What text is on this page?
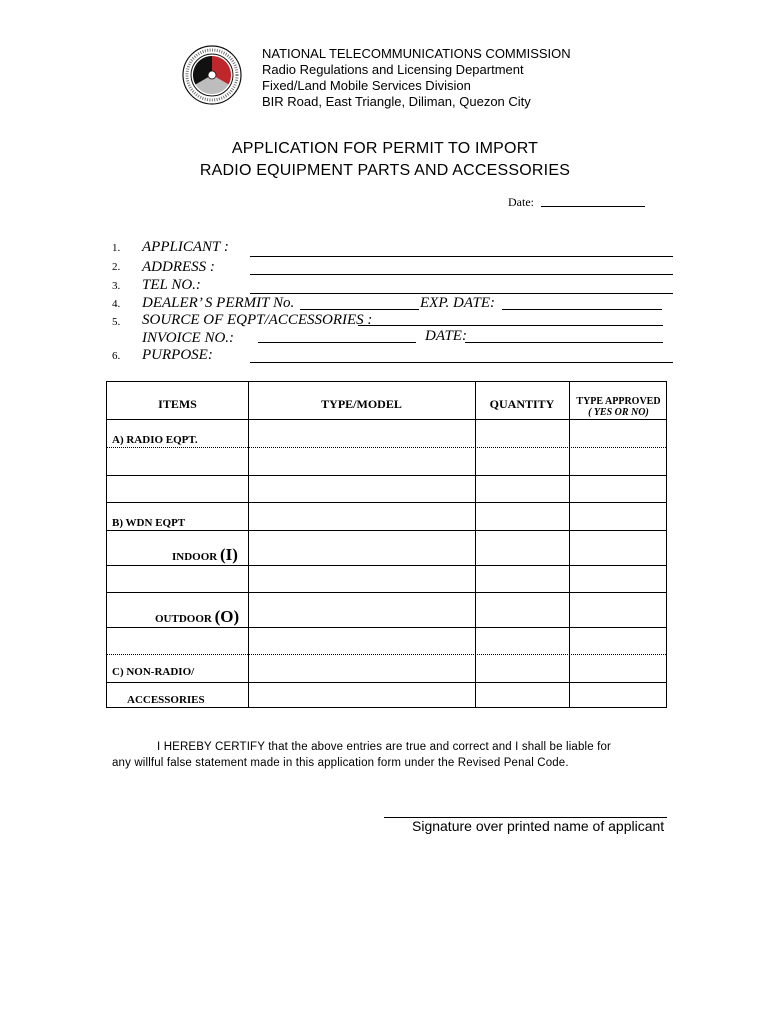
NATIONAL TELECOMMUNICATIONS COMMISSION
Radio Regulations and Licensing Department
Fixed/Land Mobile Services Division
BIR Road, East Triangle, Diliman, Quezon City
APPLICATION FOR PERMIT TO IMPORT
RADIO EQUIPMENT PARTS AND ACCESSORIES
Date:
1. APPLICANT :
2. ADDRESS :
3. TEL NO.:
4. DEALER’ S PERMIT No.	EXP. DATE:
5. SOURCE OF EQPT/ACCESSORIES :
INVOICE NO.:	DATE:
6. PURPOSE:
ITEMS	TYPE/MODEL	QUANTITY	TYPE APPROVED
( YES OR NO)
A) RADIO EQPT.
B) WDN EQPT
INDOOR (I)
OUTDOOR (O)
C) NON-RADIO/
ACCESSORIES
I HEREBY CERTIFY that the above entries are true and correct and I shall be liable for
any willful false statement made in this application form under the Revised Penal Code.
Signature over printed name of applicant
